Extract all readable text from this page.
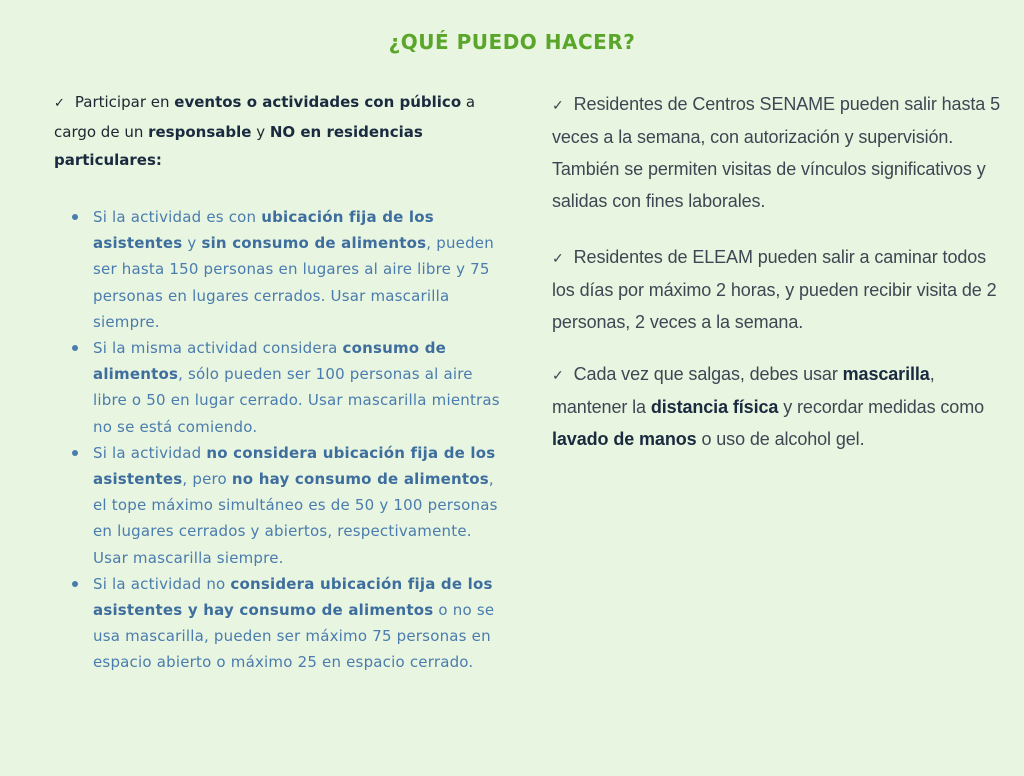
¿QUÉ PUEDO HACER?

✓ Participar en eventos o actividades con público a cargo de un responsable y NO en residencias particulares:

Si la actividad es con ubicación fija de los asistentes y sin consumo de alimentos, pueden ser hasta 150 personas en lugares al aire libre y 75 personas en lugares cerrados. Usar mascarilla siempre.
Si la misma actividad considera consumo de alimentos, sólo pueden ser 100 personas al aire libre o 50 en lugar cerrado. Usar mascarilla mientras no se está comiendo.
Si la actividad no considera ubicación fija de los asistentes, pero no hay consumo de alimentos, el tope máximo simultáneo es de 50 y 100 personas en lugares cerrados y abiertos, respectivamente. Usar mascarilla siempre.
Si la actividad no considera ubicación fija de los asistentes y hay consumo de alimentos o no se usa mascarilla, pueden ser máximo 75 personas en espacio abierto o máximo 25 en espacio cerrado.

✓ Residentes de Centros SENAME pueden salir hasta 5 veces a la semana, con autorización y supervisión. También se permiten visitas de vínculos significativos y salidas con fines laborales.

✓ Residentes de ELEAM pueden salir a caminar todos los días por máximo 2 horas, y pueden recibir visita de 2 personas, 2 veces a la semana.

✓ Cada vez que salgas, debes usar mascarilla, mantener la distancia física y recordar medidas como lavado de manos o uso de alcohol gel.
